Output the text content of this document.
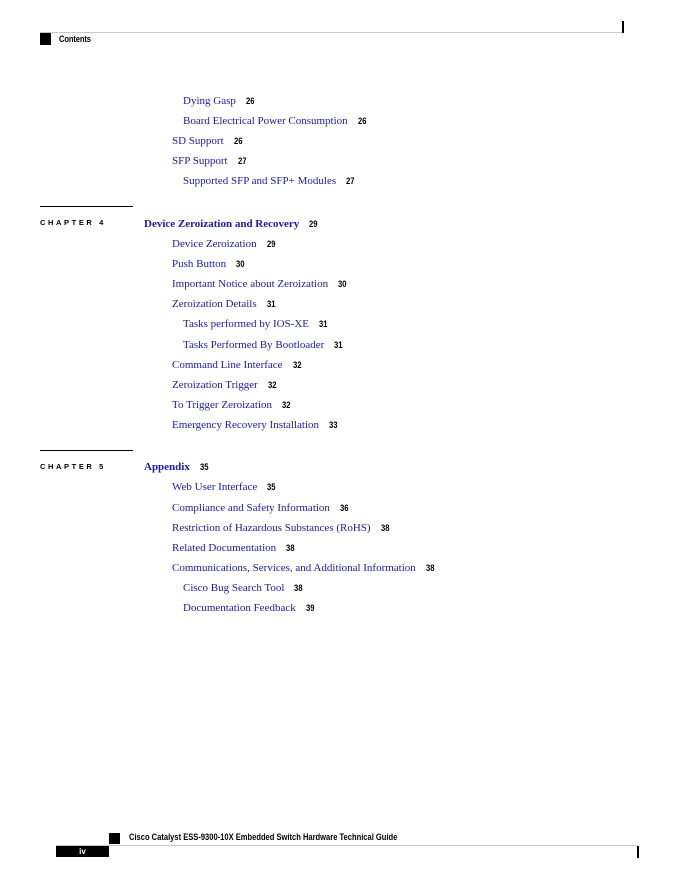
Contents
Dying Gasp 26
Board Electrical Power Consumption 26
SD Support 26
SFP Support 27
Supported SFP and SFP+ Modules 27
CHAPTER 4	Device Zeroization and Recovery 29
Device Zeroization 29
Push Button 30
Important Notice about Zeroization 30
Zeroization Details 31
Tasks performed by IOS-XE 31
Tasks Performed By Bootloader 31
Command Line Interface 32
Zeroization Trigger 32
To Trigger Zeroization 32
Emergency Recovery Installation 33
CHAPTER 5	Appendix 35
Web User Interface 35
Compliance and Safety Information 36
Restriction of Hazardous Substances (RoHS) 38
Related Documentation 38
Communications, Services, and Additional Information 38
Cisco Bug Search Tool 38
Documentation Feedback 39
Cisco Catalyst ESS-9300-10X Embedded Switch Hardware Technical Guide
iv
